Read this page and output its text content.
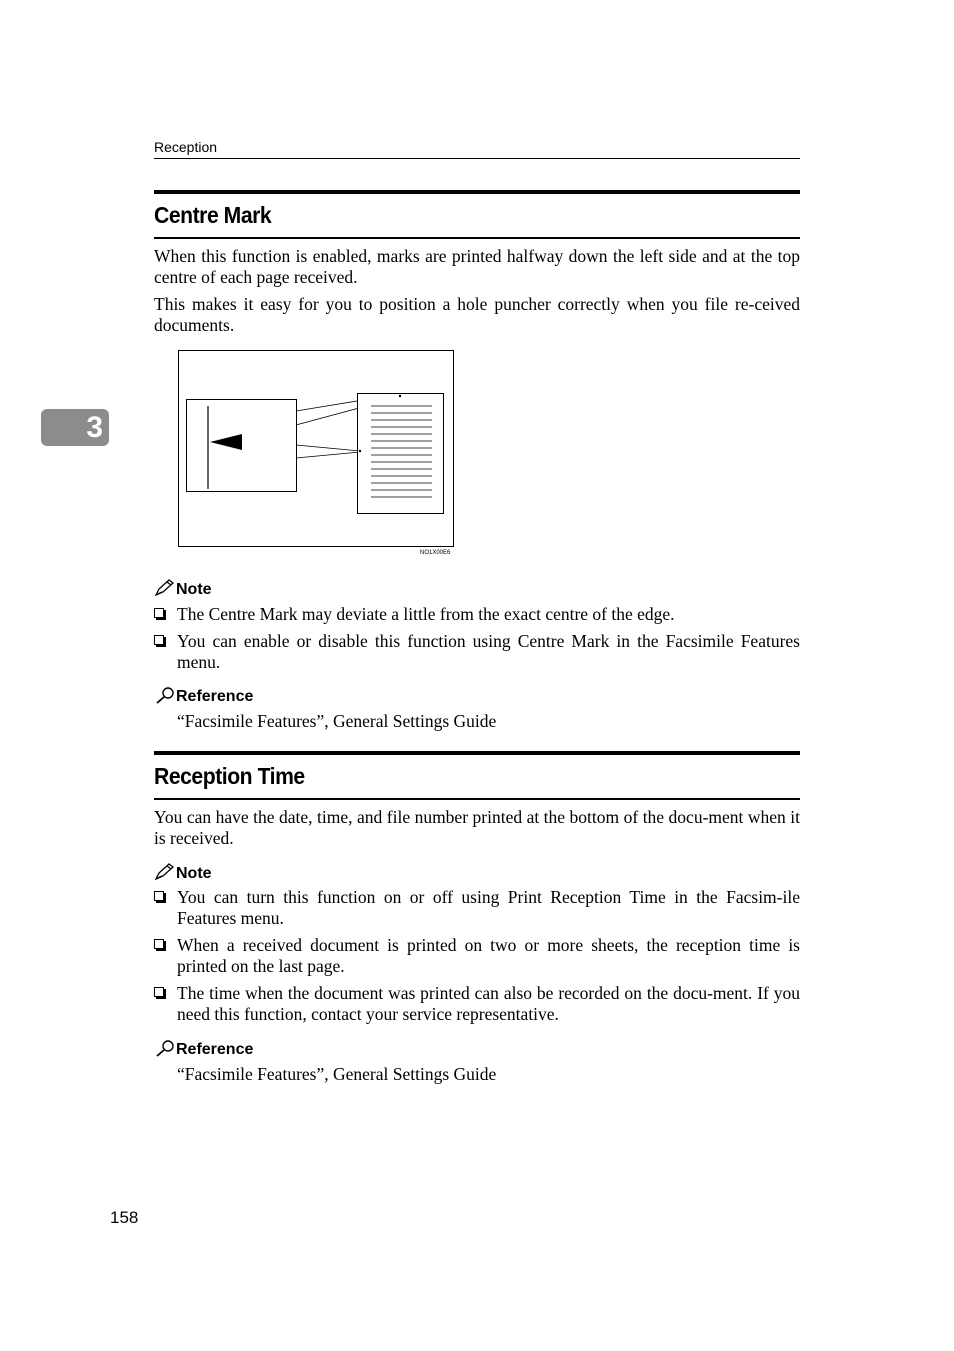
Reception
3
Centre Mark

When this function is enabled, marks are printed halfway down the left side and at the top centre of each page received.

This makes it easy for you to position a hole puncher correctly when you file re-ceived documents.

NO1X00E6
Note
The Centre Mark may deviate a little from the exact centre of the edge.
You can enable or disable this function using Centre Mark in the Facsimile Features menu.
Reference
“Facsimile Features”, General Settings Guide
Reception Time

You can have the date, time, and file number printed at the bottom of the docu-ment when it is received.

Note
You can turn this function on or off using Print Reception Time in the Facsim-ile Features menu.
When a received document is printed on two or more sheets, the reception time is printed on the last page.
The time when the document was printed can also be recorded on the docu-ment. If you need this function, contact your service representative.
Reference
“Facsimile Features”, General Settings Guide
158
